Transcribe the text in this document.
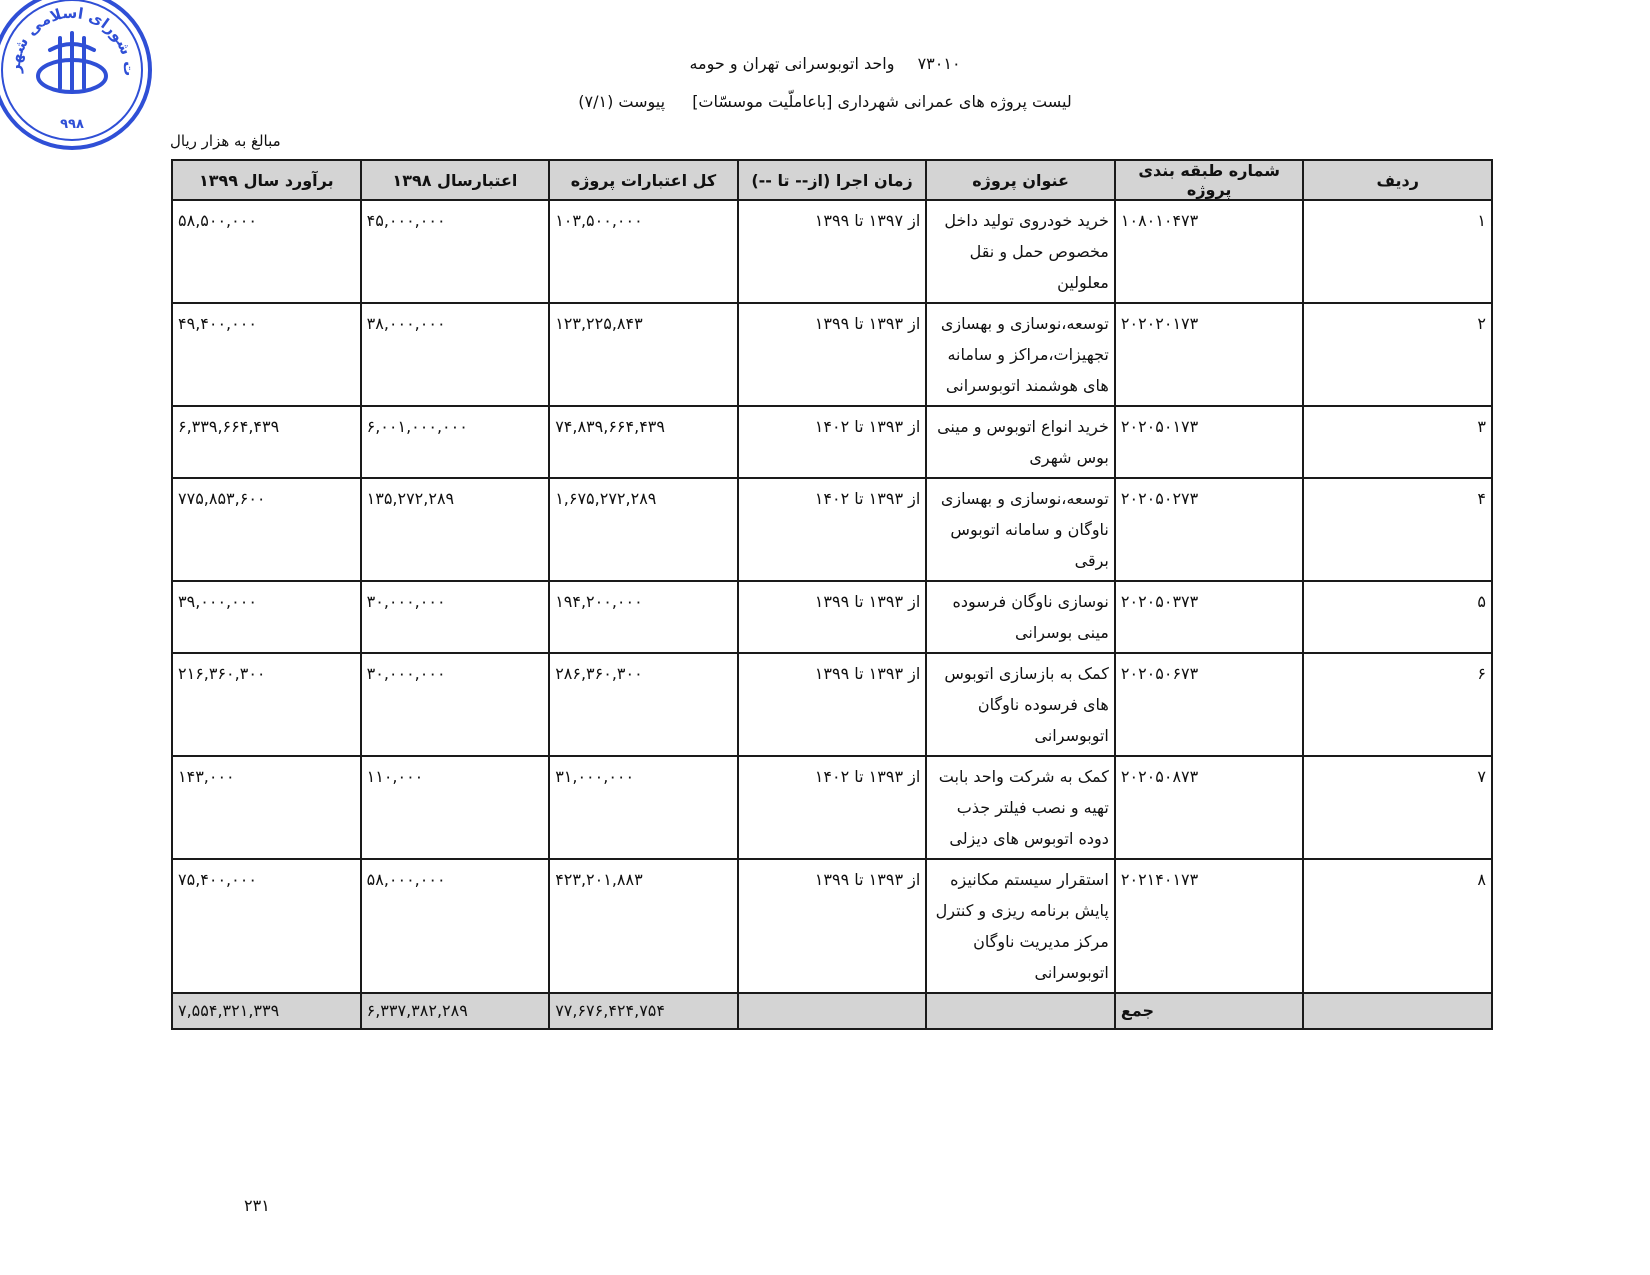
ت شورای اسلامی شهر
۹۹۸
۷۳۰۱۰ واحد اتوبوسرانی تهران و حومه
لیست پروژه های عمرانی شهرداری [باعاملّیت موسسّات] پیوست (۷/۱)
مبالغ به هزار ریال
ردیف	شماره طبقه بندی پروژه	عنوان پروژه	زمان اجرا (از-- تا --)	کل اعتبارات پروژه	اعتبارسال ۱۳۹۸	برآورد سال ۱۳۹۹
۱	۱۰۸۰۱۰۴۷۳	خرید خودروی تولید داخل
مخصوص حمل و نقل
معلولین	از ۱۳۹۷ تا ۱۳۹۹	۱۰۳,۵۰۰,۰۰۰	۴۵,۰۰۰,۰۰۰	۵۸,۵۰۰,۰۰۰
۲	۲۰۲۰۲۰۱۷۳	توسعه،نوسازی و بهسازی
تجهیزات،مراکز و سامانه
های هوشمند اتوبوسرانی	از ۱۳۹۳ تا ۱۳۹۹	۱۲۳,۲۲۵,۸۴۳	۳۸,۰۰۰,۰۰۰	۴۹,۴۰۰,۰۰۰
۳	۲۰۲۰۵۰۱۷۳	خرید انواع اتوبوس و مینی
بوس شهری	از ۱۳۹۳ تا ۱۴۰۲	۷۴,۸۳۹,۶۶۴,۴۳۹	۶,۰۰۱,۰۰۰,۰۰۰	۶,۳۳۹,۶۶۴,۴۳۹
۴	۲۰۲۰۵۰۲۷۳	توسعه،نوسازی و بهسازی
ناوگان و سامانه اتوبوس
برقی	از ۱۳۹۳ تا ۱۴۰۲	۱,۶۷۵,۲۷۲,۲۸۹	۱۳۵,۲۷۲,۲۸۹	۷۷۵,۸۵۳,۶۰۰
۵	۲۰۲۰۵۰۳۷۳	نوسازی ناوگان فرسوده
مینی بوسرانی	از ۱۳۹۳ تا ۱۳۹۹	۱۹۴,۲۰۰,۰۰۰	۳۰,۰۰۰,۰۰۰	۳۹,۰۰۰,۰۰۰
۶	۲۰۲۰۵۰۶۷۳	کمک به بازسازی اتوبوس
های فرسوده ناوگان
اتوبوسرانی	از ۱۳۹۳ تا ۱۳۹۹	۲۸۶,۳۶۰,۳۰۰	۳۰,۰۰۰,۰۰۰	۲۱۶,۳۶۰,۳۰۰
۷	۲۰۲۰۵۰۸۷۳	کمک به شرکت واحد بابت
تهیه و نصب فیلتر جذب
دوده اتوبوس های دیزلی	از ۱۳۹۳ تا ۱۴۰۲	۳۱,۰۰۰,۰۰۰	۱۱۰,۰۰۰	۱۴۳,۰۰۰
۸	۲۰۲۱۴۰۱۷۳	استقرار سیستم مکانیزه
پایش برنامه ریزی و کنترل
مرکز مدیریت ناوگان
اتوبوسرانی	از ۱۳۹۳ تا ۱۳۹۹	۴۲۳,۲۰۱,۸۸۳	۵۸,۰۰۰,۰۰۰	۷۵,۴۰۰,۰۰۰
	جمع			۷۷,۶۷۶,۴۲۴,۷۵۴	۶,۳۳۷,۳۸۲,۲۸۹	۷,۵۵۴,۳۲۱,۳۳۹
۲۳۱
